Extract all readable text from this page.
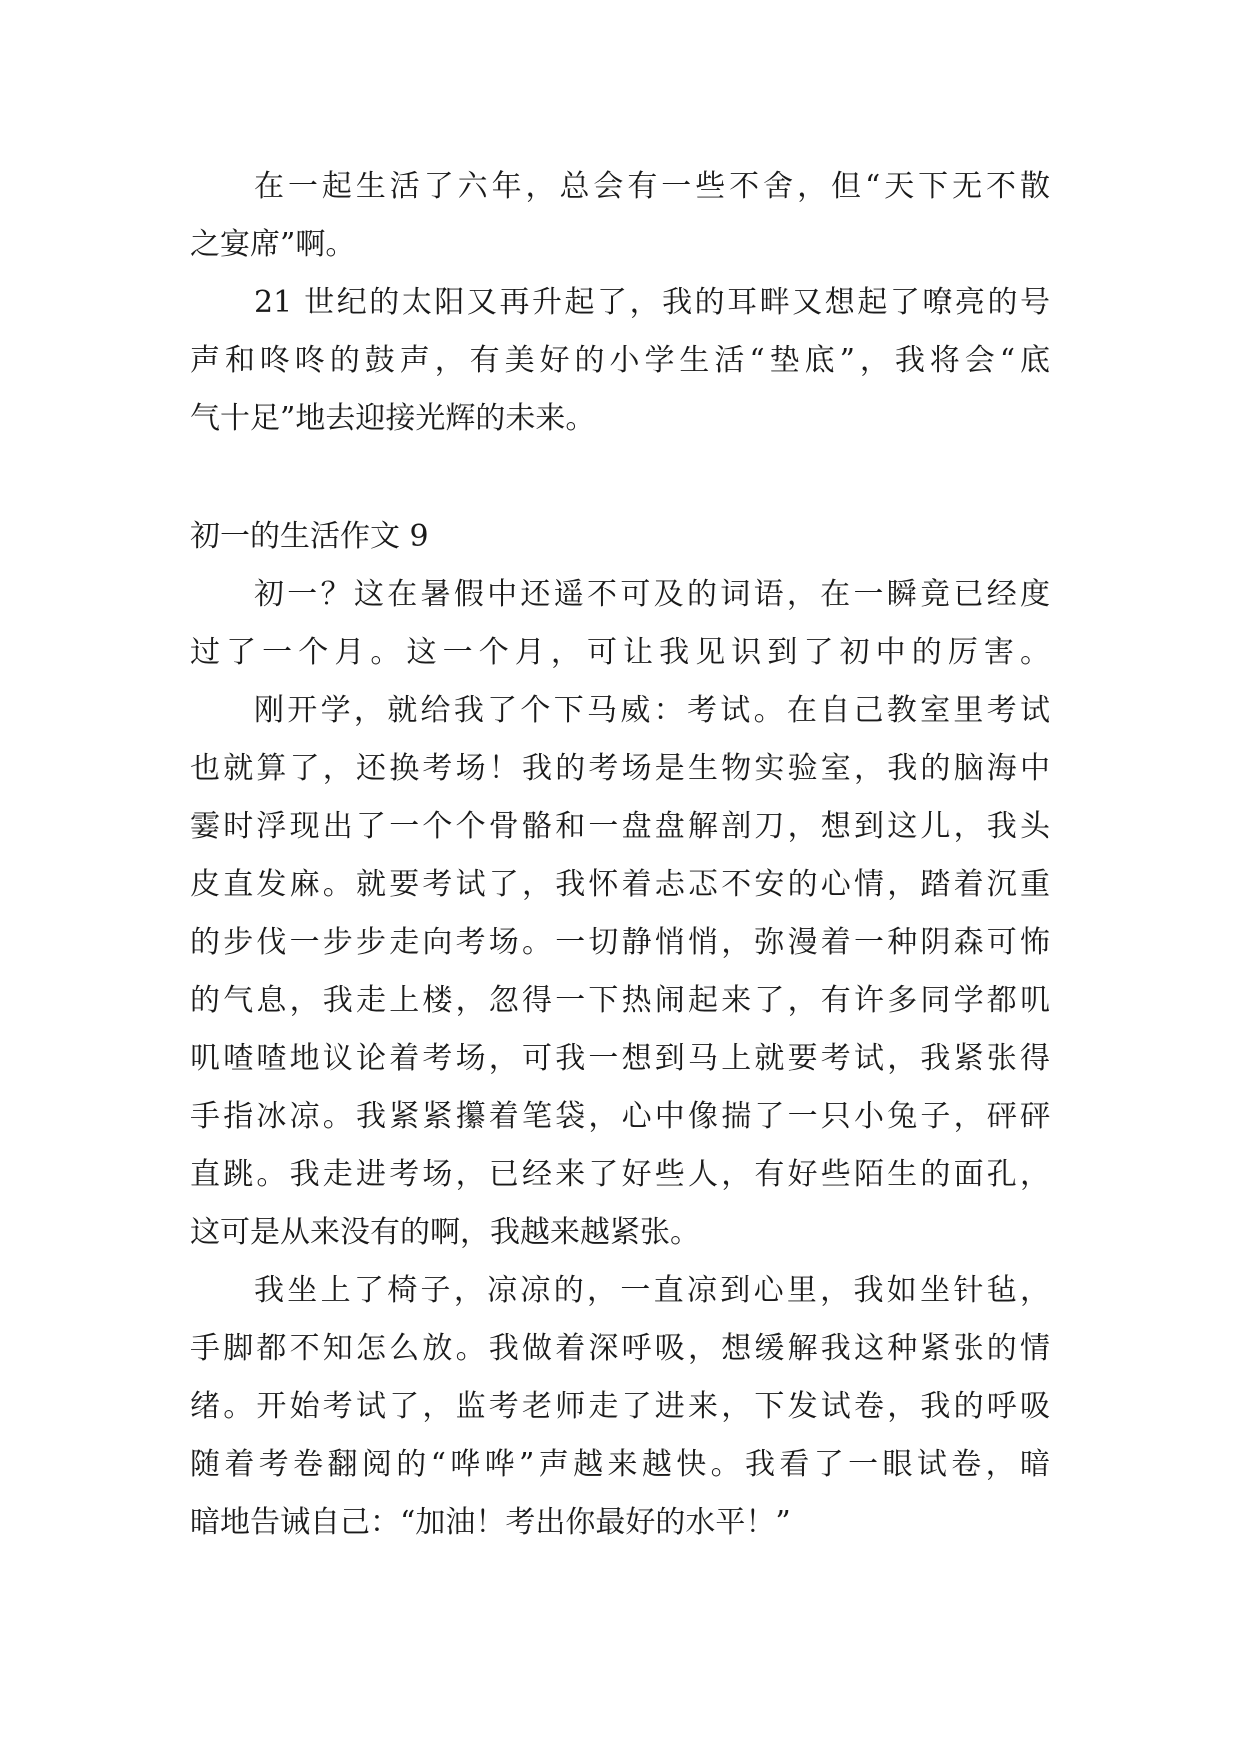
在一起生活了六年，总会有一些不舍，但“天下无不散
之宴席”啊。
21 世纪的太阳又再升起了，我的耳畔又想起了嘹亮的号
声和咚咚的鼓声，有美好的小学生活“垫底”，我将会“底
气十足”地去迎接光辉的未来。
初一的生活作文 9
初一？这在暑假中还遥不可及的词语，在一瞬竟已经度
过了一个月。这一个月，可让我见识到了初中的厉害。
刚开学，就给我了个下马威：考试。在自己教室里考试
也就算了，还换考场！我的考场是生物实验室，我的脑海中
霎时浮现出了一个个骨骼和一盘盘解剖刀，想到这儿，我头
皮直发麻。就要考试了，我怀着忐忑不安的心情，踏着沉重
的步伐一步步走向考场。一切静悄悄，弥漫着一种阴森可怖
的气息，我走上楼，忽得一下热闹起来了，有许多同学都叽
叽喳喳地议论着考场，可我一想到马上就要考试，我紧张得
手指冰凉。我紧紧攥着笔袋，心中像揣了一只小兔子，砰砰
直跳。我走进考场，已经来了好些人，有好些陌生的面孔，
这可是从来没有的啊，我越来越紧张。
我坐上了椅子，凉凉的，一直凉到心里，我如坐针毡，
手脚都不知怎么放。我做着深呼吸，想缓解我这种紧张的情
绪。开始考试了，监考老师走了进来，下发试卷，我的呼吸
随着考卷翻阅的“哗哗”声越来越快。我看了一眼试卷，暗
暗地告诫自己：“加油！考出你最好的水平！”
